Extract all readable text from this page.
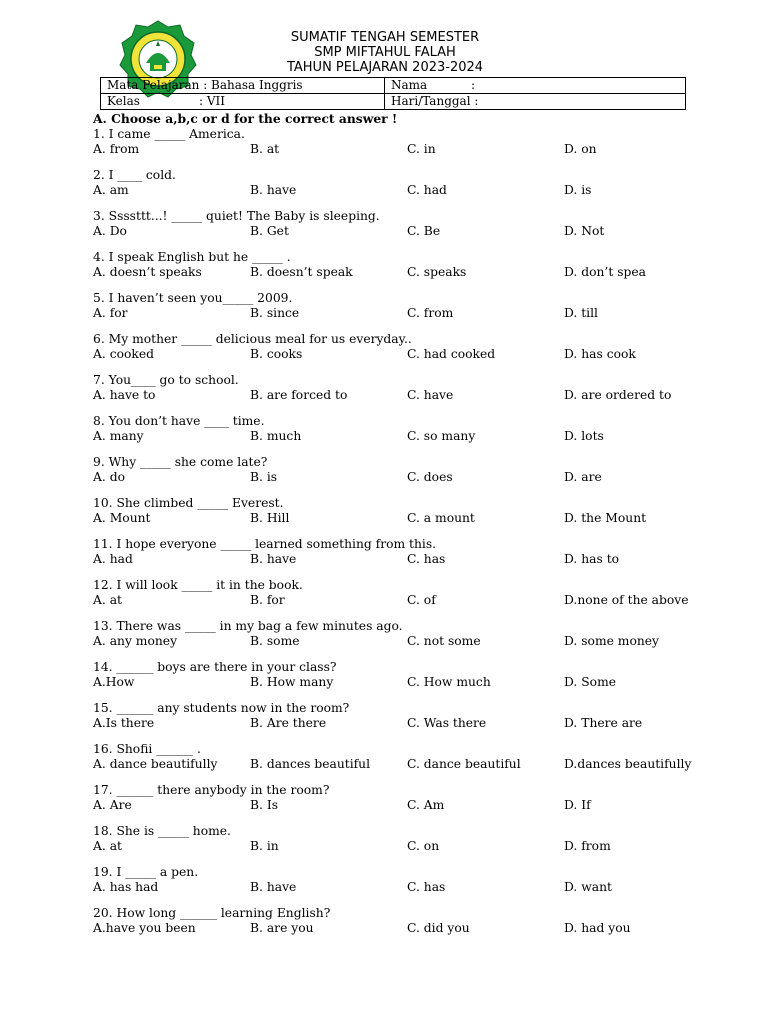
SUMATIF TENGAH SEMESTER
SMP MIFTAHUL FALAH
TAHUN PELAJARAN 2023-2024
Mata Pelajaran : Bahasa Inggris	Nama :
Kelas : VII	Hari/Tanggal :
A. Choose a,b,c or d for the correct answer !
1. I came _____ America.
A. from	B. at	C. in	D. on
2. I ____ cold.
A. am	B. have	C. had	D. is
3. Ssssttt...! _____ quiet! The Baby is sleeping.
A. Do	B. Get	C. Be	D. Not
4. I speak English but he _____ .
A. doesn’t speaks	B. doesn’t speak	C. speaks	D. don’t spea
5. I haven’t seen you_____ 2009.
A. for	B. since	C. from	D. till
6. My mother _____ delicious meal for us everyday..
A. cooked	B. cooks	C. had cooked	D. has cook
7. You____ go to school.
A. have to	B. are forced to	C. have	D. are ordered to
8. You don’t have ____ time.
A. many	B. much	C. so many	D. lots
9. Why _____ she come late?
A. do	B. is	C. does	D. are
10. She climbed _____ Everest.
A. Mount	B. Hill	C. a mount	D. the Mount
11. I hope everyone _____ learned something from this.
A. had	B. have	C. has	D. has to
12. I will look _____ it in the book.
A. at	B. for	C. of	D.none of the above
13. There was _____ in my bag a few minutes ago.
A. any money	B. some	C. not some	D. some money
14. ______ boys are there in your class?
A.How	B. How many	C. How much	D. Some
15. ______ any students now in the room?
A.Is there	B. Are there	C. Was there	D. There are
16. Shofii ______ .
A. dance beautifully	B. dances beautiful	C. dance beautiful	D.dances beautifully
17. ______ there anybody in the room?
A. Are	B. Is	C. Am	D. If
18. She is _____ home.
A. at	B. in	C. on	D. from
19. I _____ a pen.
A. has had	B. have	C. has	D. want
20. How long ______ learning English?
A.have you been	B. are you	C. did you	D. had you
